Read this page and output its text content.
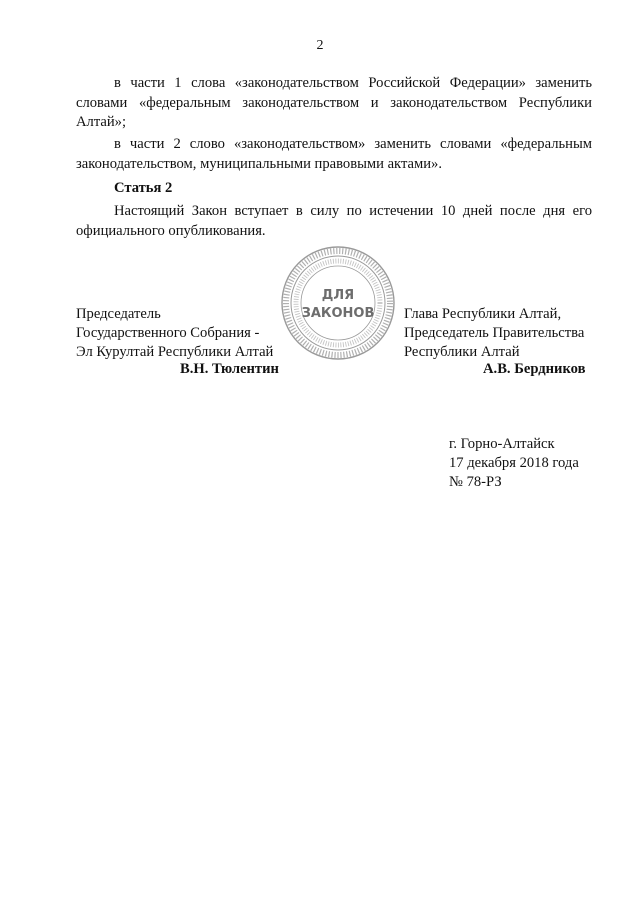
2

в части 1 слова «законодательством Российской Федерации» заменить словами «федеральным законодательством и законодательством Республики Алтай»;

в части 2 слово «законодательством» заменить словами «федеральным законодательством, муниципальными правовыми актами».

Статья 2

Настоящий Закон вступает в силу по истечении 10 дней после дня его официального опубликования.

ДЛЯ
ЗАКОНОВ
Председатель
Государственного Собрания -
Эл Курултай Республики Алтай
В.Н. Тюлентин
Глава Республики Алтай,
Председатель Правительства
Республики Алтай
А.В. Бердников
г. Горно-Алтайск
17 декабря 2018 года
№ 78-РЗ
